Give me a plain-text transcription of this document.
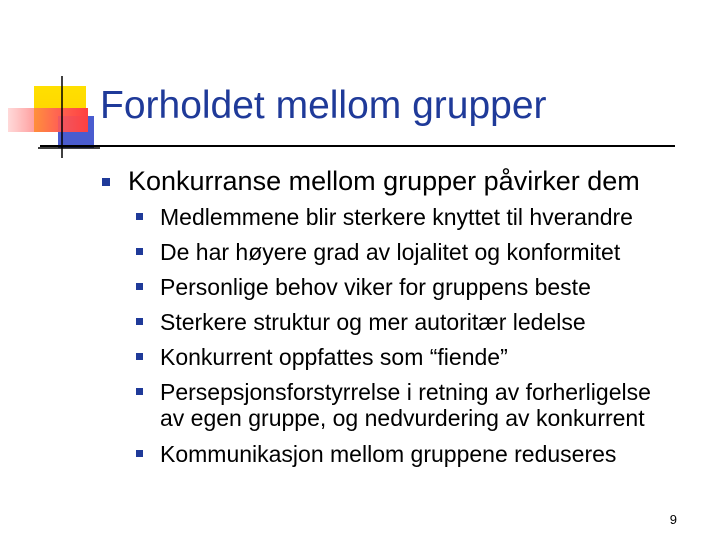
Forholdet mellom grupper
Konkurranse mellom grupper påvirker dem
Medlemmene blir sterkere knyttet til hverandre
De har høyere grad av lojalitet og konformitet
Personlige behov viker for gruppens beste
Sterkere struktur og mer autoritær ledelse
Konkurrent oppfattes som “fiende”
Persepsjonsforstyrrelse i retning av forherligelse
av egen gruppe, og nedvurdering av konkurrent
Kommunikasjon mellom gruppene reduseres
9
